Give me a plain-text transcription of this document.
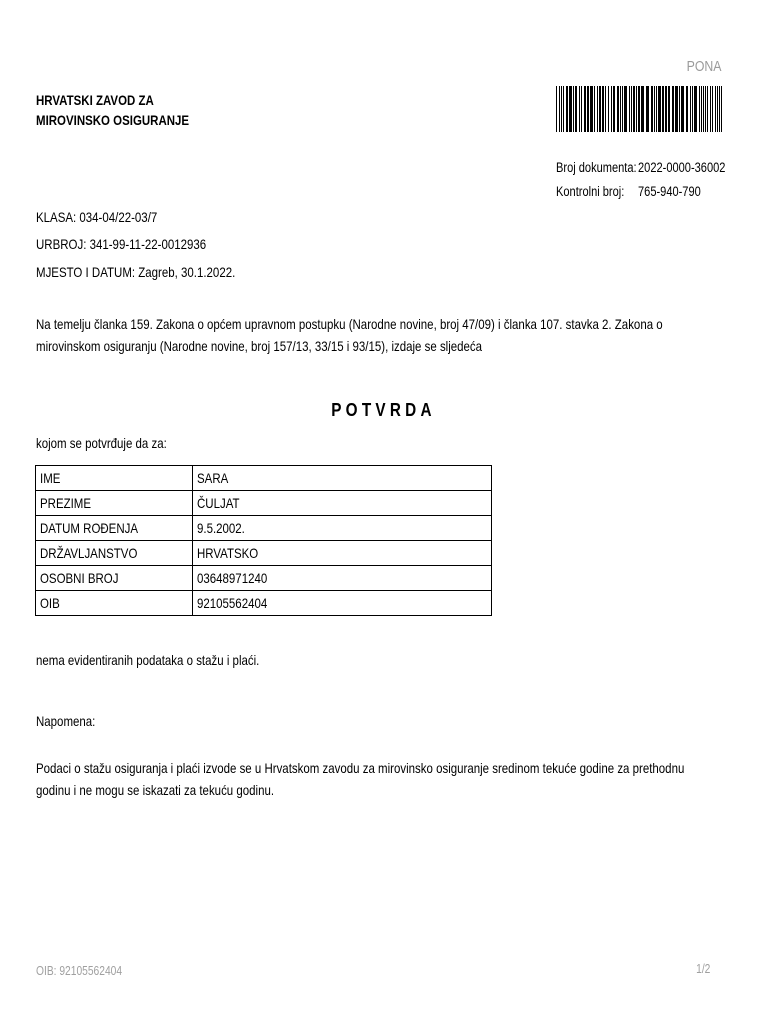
HRVATSKI ZAVOD ZA
MIROVINSKO OSIGURANJE
PONA
Broj dokumenta: 2022-0000-36002
Kontrolni broj:	765-940-790
KLASA: 034-04/22-03/7
URBROJ: 341-99-11-22-0012936
MJESTO I DATUM: Zagreb, 30.1.2022.
Na temelju članka 159. Zakona o općem upravnom postupku (Narodne novine, broj 47/09) i članka 107. stavka 2. Zakona o mirovinskom osiguranju (Narodne novine, broj 157/13, 33/15 i 93/15), izdaje se sljedeća
POTVRDA
kojom se potvrđuje da za:
IME	SARA
PREZIME	ČULJAT
DATUM ROĐENJA	9.5.2002.
DRŽAVLJANSTVO	HRVATSKO
OSOBNI BROJ	03648971240
OIB	92105562404
nema evidentiranih podataka o stažu i plaći.
Napomena:
Podaci o stažu osiguranja i plaći izvode se u Hrvatskom zavodu za mirovinsko osiguranje sredinom tekuće godine za prethodnu godinu i ne mogu se iskazati za tekuću godinu.
OIB: 92105562404	1/2
